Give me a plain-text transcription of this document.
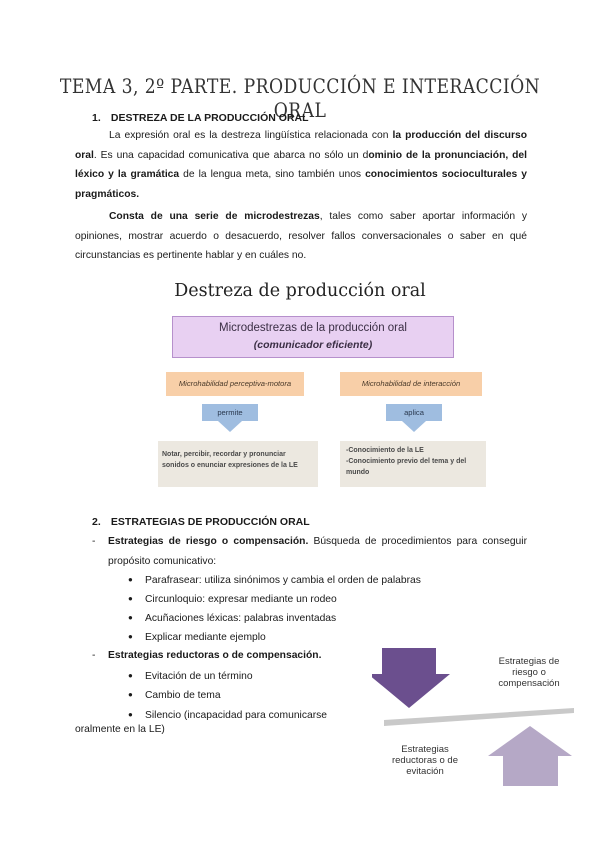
TEMA 3, 2º PARTE. PRODUCCIÓN E INTERACCIÓN ORAL
1. DESTREZA DE LA PRODUCCIÓN ORAL
La expresión oral es la destreza lingüística relacionada con la producción del discurso oral. Es una capacidad comunicativa que abarca no sólo un dominio de la pronunciación, del léxico y la gramática de la lengua meta, sino también unos conocimientos socioculturales y pragmáticos.
Consta de una serie de microdestrezas, tales como saber aportar información y opiniones, mostrar acuerdo o desacuerdo, resolver fallos conversacionales o saber en qué circunstancias es pertinente hablar y en cuáles no.
Destreza de producción oral
Microdestrezas de la producción oral
(comunicador eficiente)
Microhabilidad perceptiva-motora	Microhabilidad de interacción
permite	aplica
Notar, percibir, recordar y pronunciar sonidos o enunciar expresiones de la LE
-Conocimiento de la LE
-Conocimiento previo del tema y del mundo
2. ESTRATEGIAS DE PRODUCCIÓN ORAL
-	Estrategias de riesgo o compensación. Búsqueda de procedimientos para conseguir propósito comunicativo:
● Parafrasear: utiliza sinónimos y cambia el orden de palabras
● Circunloquio: expresar mediante un rodeo
● Acuñaciones léxicas: palabras inventadas
● Explicar mediante ejemplo
-	Estrategias reductoras o de compensación.
● Evitación de un término
● Cambio de tema
● Silencio (incapacidad para comunicarse
oralmente en la LE)
Estrategias de riesgo o compensación
Estrategias reductoras o de evitación
